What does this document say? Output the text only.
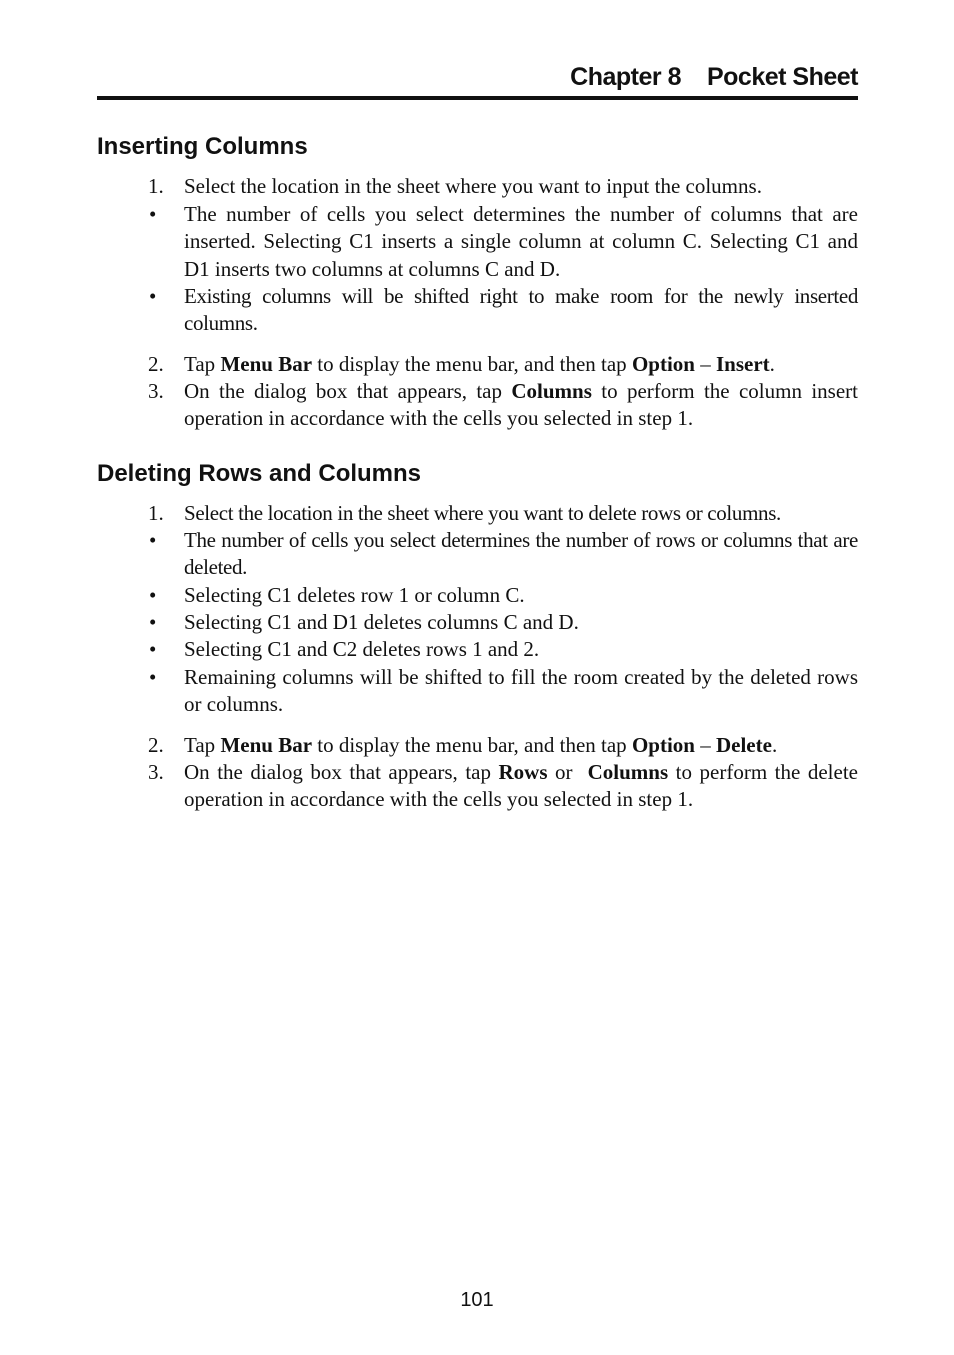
Chapter 8 Pocket Sheet
Inserting Columns
1. Select the location in the sheet where you want to input the columns.
•	The number of cells you select determines the number of columns that are inserted. Selecting C1 inserts a single column at column C. Selecting C1 and D1 inserts two columns at columns C and D.
•	Existing columns will be shifted right to make room for the newly inserted columns.
2. Tap Menu Bar to display the menu bar, and then tap Option – Insert.
3. On the dialog box that appears, tap Columns to perform the column insert operation in accordance with the cells you selected in step 1.
Deleting Rows and Columns
1. Select the location in the sheet where you want to delete rows or columns.
•	The number of cells you select determines the number of rows or columns that are deleted.
•	Selecting C1 deletes row 1 or column C.
•	Selecting C1 and D1 deletes columns C and D.
•	Selecting C1 and C2 deletes rows 1 and 2.
•	Remaining columns will be shifted to fill the room created by the deleted rows or columns.
2. Tap Menu Bar to display the menu bar, and then tap Option – Delete.
3. On the dialog box that appears, tap Rows or  Columns to perform the delete operation in accordance with the cells you selected in step 1.
101
